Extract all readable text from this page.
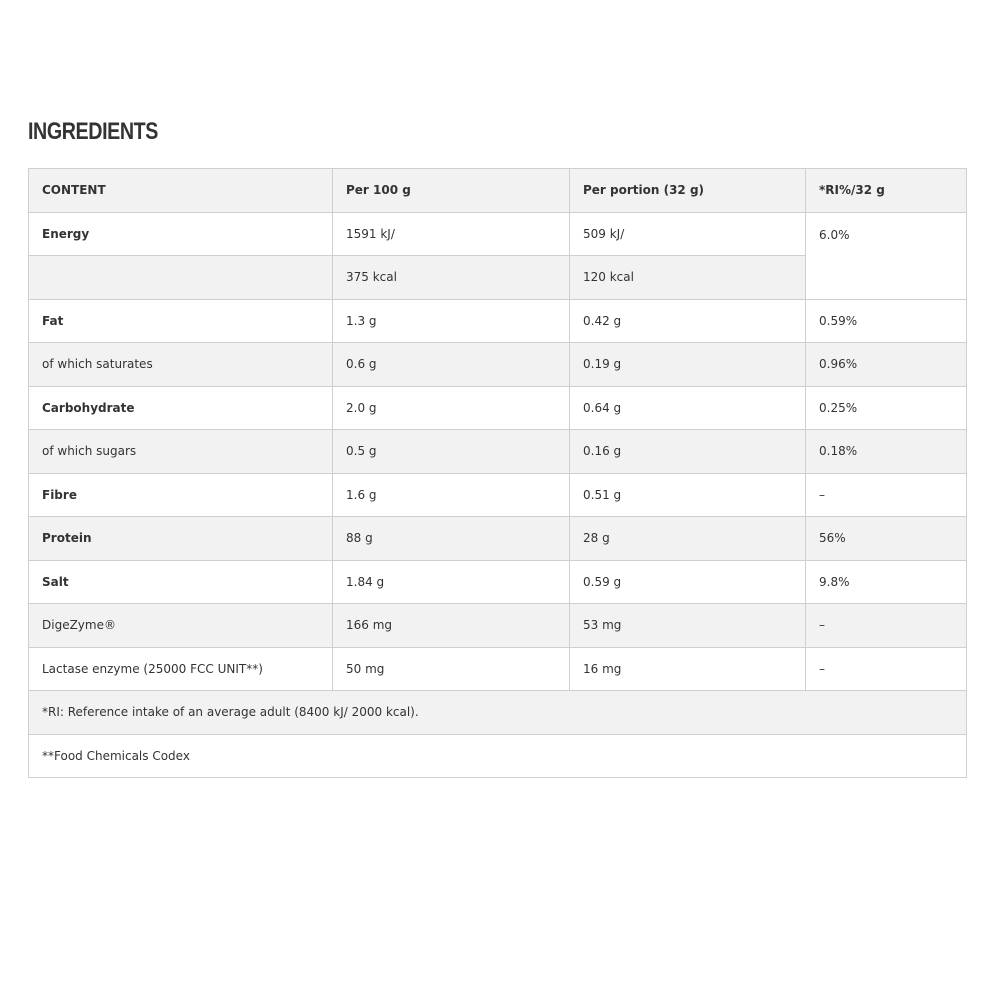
INGREDIENTS
CONTENT	Per 100 g	Per portion (32 g)	*RI%/32 g
Energy	1591 kJ/	509 kJ/	6.0%
	375 kcal	120 kcal	
Fat	1.3 g	0.42 g	0.59%
of which saturates	0.6 g	0.19 g	0.96%
Carbohydrate	2.0 g	0.64 g	0.25%
of which sugars	0.5 g	0.16 g	0.18%
Fibre	1.6 g	0.51 g	–
Protein	88 g	28 g	56%
Salt	1.84 g	0.59 g	9.8%
DigeZyme®	166 mg	53 mg	–
Lactase enzyme (25000 FCC UNIT**)	50 mg	16 mg	–
*RI: Reference intake of an average adult (8400 kJ/ 2000 kcal).			
**Food Chemicals Codex			
